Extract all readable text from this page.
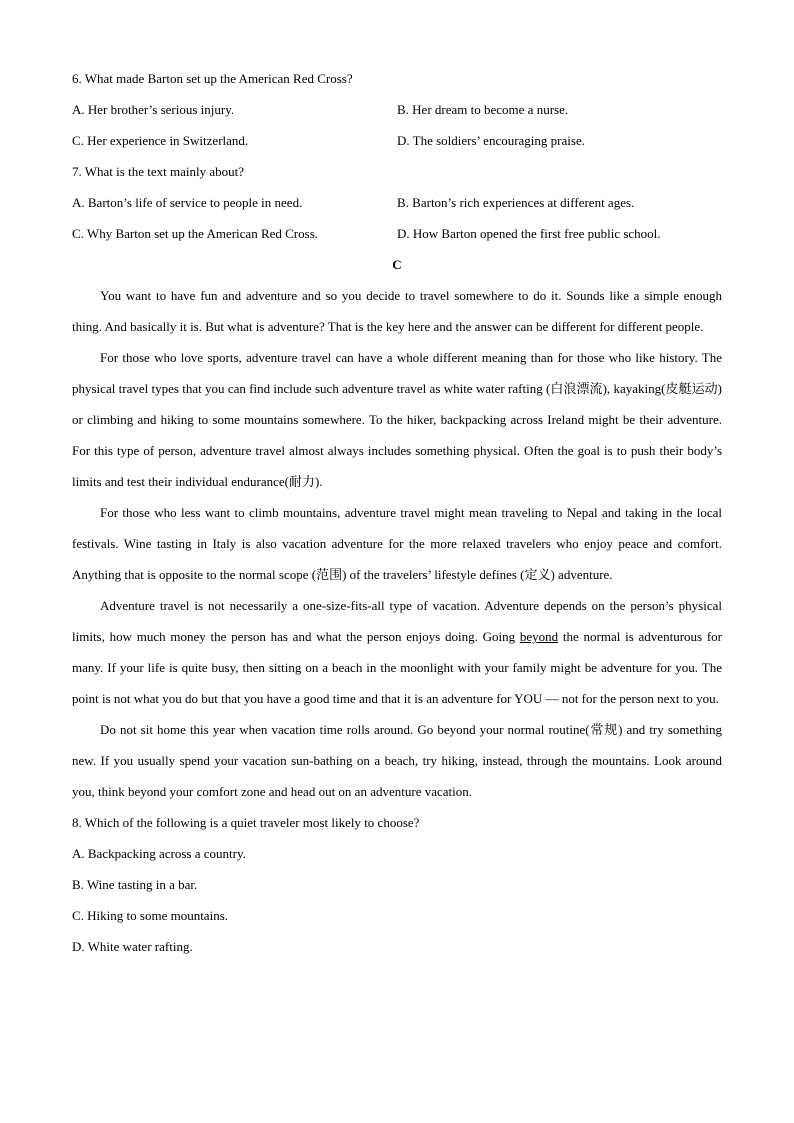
6. What made Barton set up the American Red Cross?
A. Her brother’s serious injury.	B. Her dream to become a nurse.
C. Her experience in Switzerland.	D. The soldiers’ encouraging praise.
7. What is the text mainly about?
A. Barton’s life of service to people in need.	B. Barton’s rich experiences at different ages.
C. Why Barton set up the American Red Cross.	D. How Barton opened the first free public school.
C

You want to have fun and adventure and so you decide to travel somewhere to do it. Sounds like a simple enough thing. And basically it is. But what is adventure? That is the key here and the answer can be different for different people.

For those who love sports, adventure travel can have a whole different meaning than for those who like history. The physical travel types that you can find include such adventure travel as white water rafting (白浪漂流), kayaking(皮艇运动) or climbing and hiking to some mountains somewhere. To the hiker, backpacking across Ireland might be their adventure. For this type of person, adventure travel almost always includes something physical. Often the goal is to push their body’s limits and test their individual endurance(耐力).

For those who less want to climb mountains, adventure travel might mean traveling to Nepal and taking in the local festivals. Wine tasting in Italy is also vacation adventure for the more relaxed travelers who enjoy peace and comfort. Anything that is opposite to the normal scope (范围) of the travelers’ lifestyle defines (定义) adventure.

Adventure travel is not necessarily a one-size-fits-all type of vacation. Adventure depends on the person’s physical limits, how much money the person has and what the person enjoys doing. Going beyond the normal is adventurous for many. If your life is quite busy, then sitting on a beach in the moonlight with your family might be adventure for you. The point is not what you do but that you have a good time and that it is an adventure for YOU — not for the person next to you.

Do not sit home this year when vacation time rolls around. Go beyond your normal routine(常规) and try something new. If you usually spend your vacation sun-bathing on a beach, try hiking, instead, through the mountains. Look around you, think beyond your comfort zone and head out on an adventure vacation.

8. Which of the following is a quiet traveler most likely to choose?
A. Backpacking across a country.
B. Wine tasting in a bar.
C. Hiking to some mountains.
D. White water rafting.
